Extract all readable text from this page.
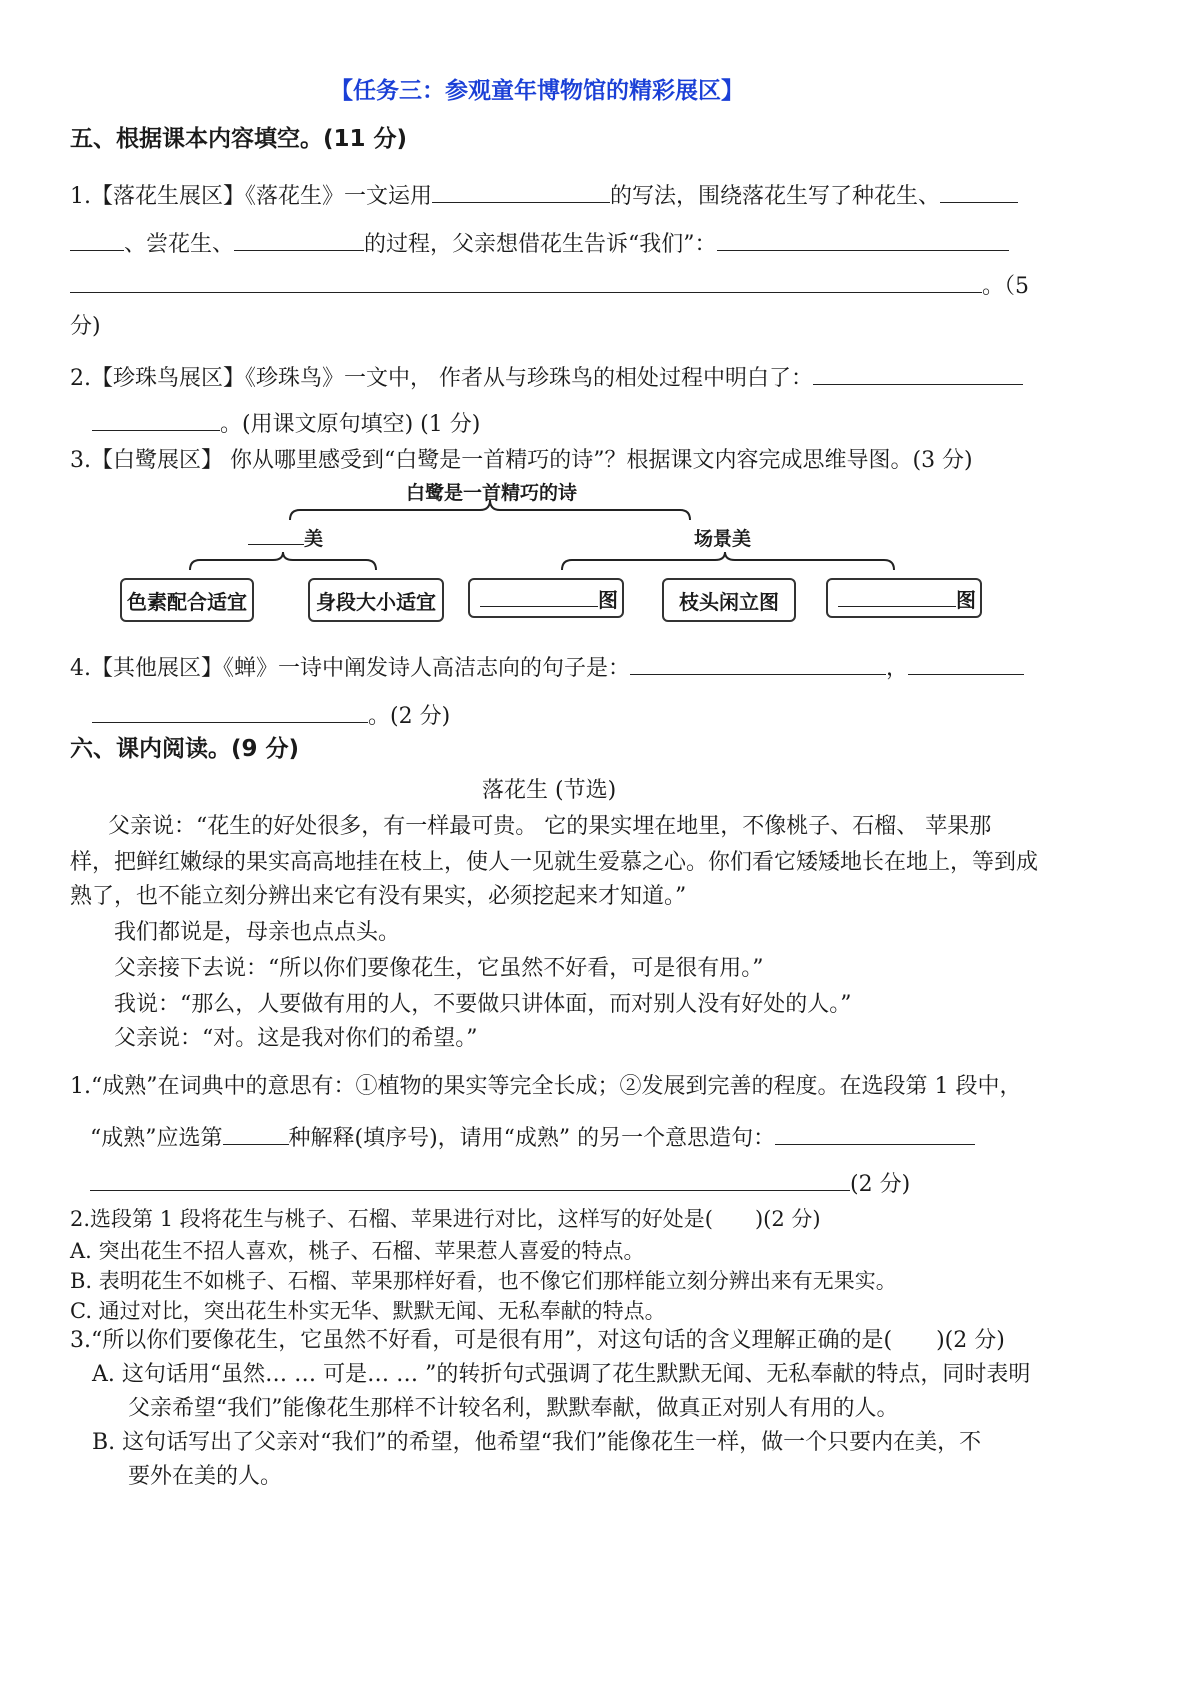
【任务三：参观童年博物馆的精彩展区】
五、根据课本内容填空。(11 分)
1.【落花生展区】《落花生》一文运用	的写法，围绕落花生写了种花生、
、尝花生、	的过程，父亲想借花生告诉“我们”：
。（5
分)
2.【珍珠鸟展区】《珍珠鸟》一文中， 作者从与珍珠鸟的相处过程中明白了：
。(用课文原句填空) (1 分)
3.【白鹭展区】 你从哪里感受到“白鹭是一首精巧的诗”？根据课文内容完成思维导图。(3 分)
白鹭是一首精巧的诗
美	场景美
色素配合适宜	身段大小适宜	图	枝头闲立图	图
4.【其他展区】《蝉》一诗中阐发诗人高洁志向的句子是：	，
。(2 分)
六、课内阅读。(9 分)
落花生 (节选)
父亲说：“花生的好处很多，有一样最可贵。 它的果实埋在地里，不像桃子、石榴、 苹果那
样，把鲜红嫩绿的果实高高地挂在枝上，使人一见就生爱慕之心。你们看它矮矮地长在地上，等到成
熟了，也不能立刻分辨出来它有没有果实，必须挖起来才知道。”
我们都说是，母亲也点点头。
父亲接下去说：“所以你们要像花生，它虽然不好看，可是很有用。”
我说：“那么，人要做有用的人，不要做只讲体面，而对别人没有好处的人。”
父亲说：“对。这是我对你们的希望。”
1.“成熟”在词典中的意思有：①植物的果实等完全长成；②发展到完善的程度。在选段第 1 段中，
“成熟”应选第	种解释(填序号)，请用“成熟” 的另一个意思造句：
(2 分)
2.选段第 1 段将花生与桃子、石榴、苹果进行对比，这样写的好处是(　　)(2 分)
A. 突出花生不招人喜欢，桃子、石榴、苹果惹人喜爱的特点。
B. 表明花生不如桃子、石榴、苹果那样好看，也不像它们那样能立刻分辨出来有无果实。
C. 通过对比，突出花生朴实无华、默默无闻、无私奉献的特点。
3.“所以你们要像花生，它虽然不好看，可是很有用”，对这句话的含义理解正确的是(　　)(2 分)
A. 这句话用“虽然… … 可是… … ”的转折句式强调了花生默默无闻、无私奉献的特点，同时表明
父亲希望“我们”能像花生那样不计较名利，默默奉献，做真正对别人有用的人。
B. 这句话写出了父亲对“我们”的希望，他希望“我们”能像花生一样，做一个只要内在美，不
要外在美的人。
